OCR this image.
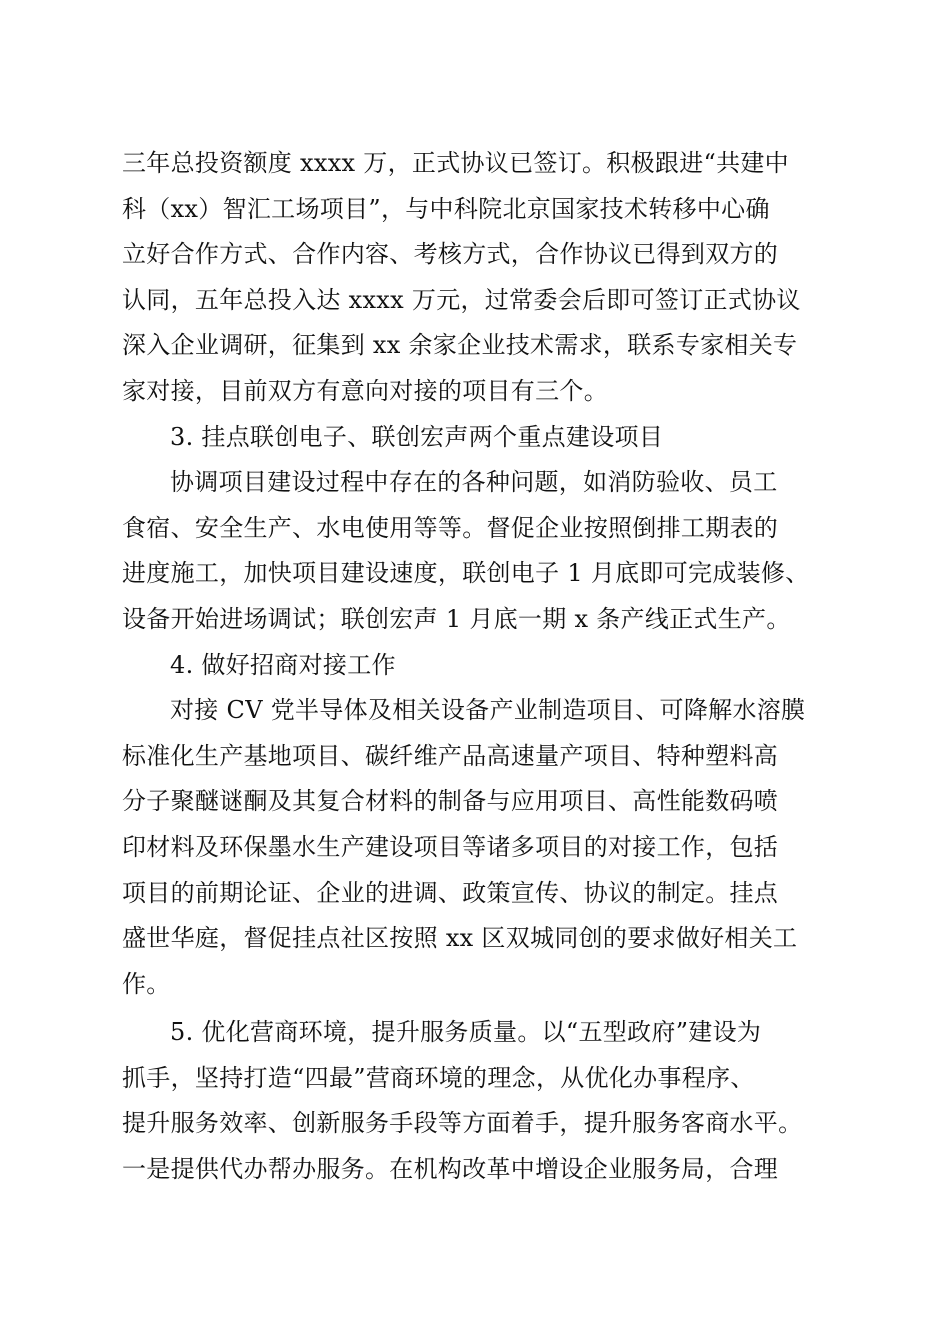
三年总投资额度 xxxx 万，正式协议已签订。积极跟进“共建中
科（xx）智汇工场项目”，与中科院北京国家技术转移中心确
立好合作方式、合作内容、考核方式，合作协议已得到双方的
认同，五年总投入达 xxxx 万元，过常委会后即可签订正式协议
深入企业调研，征集到 xx 余家企业技术需求，联系专家相关专
家对接，目前双方有意向对接的项目有三个。
3. 挂点联创电子、联创宏声两个重点建设项目
协调项目建设过程中存在的各种问题，如消防验收、员工
食宿、安全生产、水电使用等等。督促企业按照倒排工期表的
进度施工，加快项目建设速度，联创电子 1 月底即可完成装修、
设备开始进场调试；联创宏声 1 月底一期 x 条产线正式生产。
4. 做好招商对接工作
对接 CV 党半导体及相关设备产业制造项目、可降解水溶膜
标准化生产基地项目、碳纤维产品高速量产项目、特种塑料高
分子聚醚谜酮及其复合材料的制备与应用项目、高性能数码喷
印材料及环保墨水生产建设项目等诸多项目的对接工作，包括
项目的前期论证、企业的进调、政策宣传、协议的制定。挂点
盛世华庭，督促挂点社区按照 xx 区双城同创的要求做好相关工
作。
5. 优化营商环境，提升服务质量。以“五型政府”建设为
抓手，坚持打造“四最”营商环境的理念，从优化办事程序、
提升服务效率、创新服务手段等方面着手，提升服务客商水平。
一是提供代办帮办服务。在机构改革中增设企业服务局，合理
